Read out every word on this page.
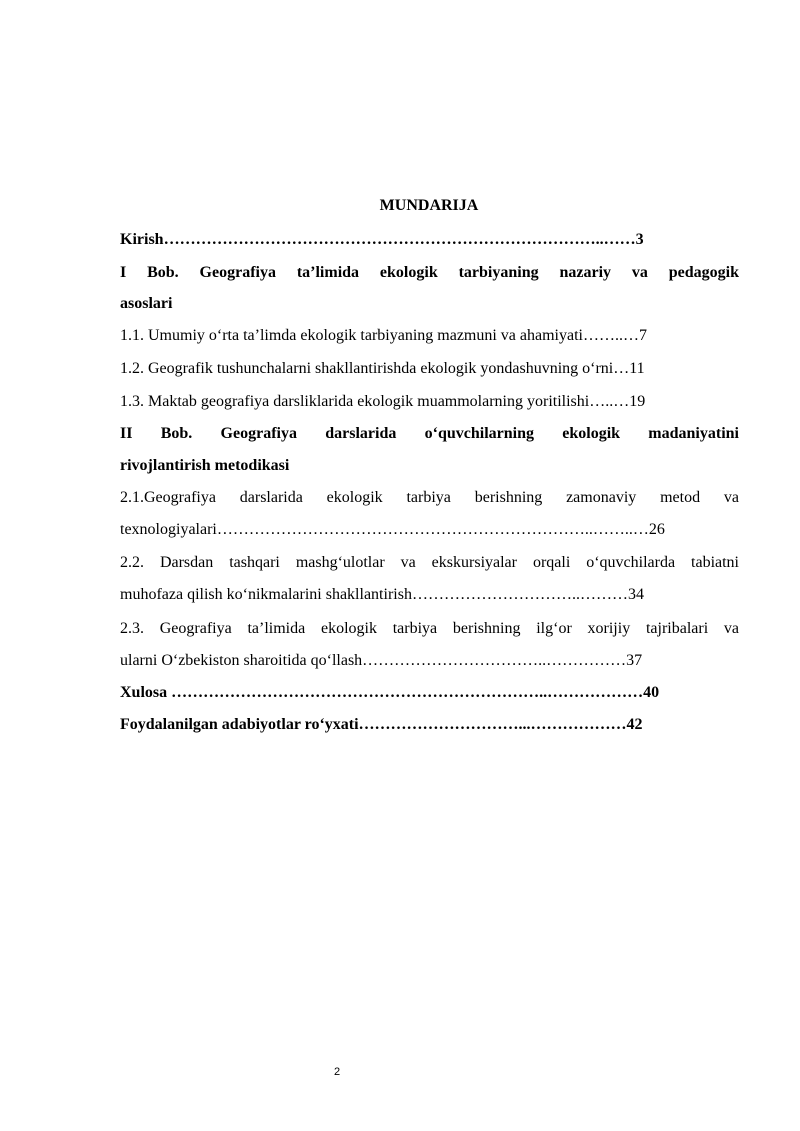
MUNDARIJA
Kirish………………………………………………………………………..……3
I Bob. Geografiya ta’limida ekologik tarbiyaning nazariy va pedagogik
asoslari
1.1. Umumiy oʻrta ta’limda ekologik tarbiyaning mazmuni va ahamiyati……..…7
1.2. Geografik tushunchalarni shakllantirishda ekologik yondashuvning oʻrni…11
1.3. Maktab geografiya darsliklarida ekologik muammolarning yoritilishi…..…19
II Bob. Geografiya darslarida oʻquvchilarning ekologik madaniyatini
rivojlantirish metodikasi
2.1.Geografiya darslarida ekologik tarbiya berishning zamonaviy metod va
texnologiyalari……………………………………………………………..……..…26
2.2. Darsdan tashqari mashgʻulotlar va ekskursiyalar orqali oʻquvchilarda tabiatni
muhofaza qilish koʻnikmalarini shakllantirish…………………………..………34
2.3. Geografiya ta’limida ekologik tarbiya berishning ilgʻor xorijiy tajribalari va
ularni Oʻzbekiston sharoitida qoʻllash……………………………..……………37
Xulosa ……………………………………………………………..………………40
Foydalanilgan adabiyotlar roʻyxati…………………………...………………42
2
